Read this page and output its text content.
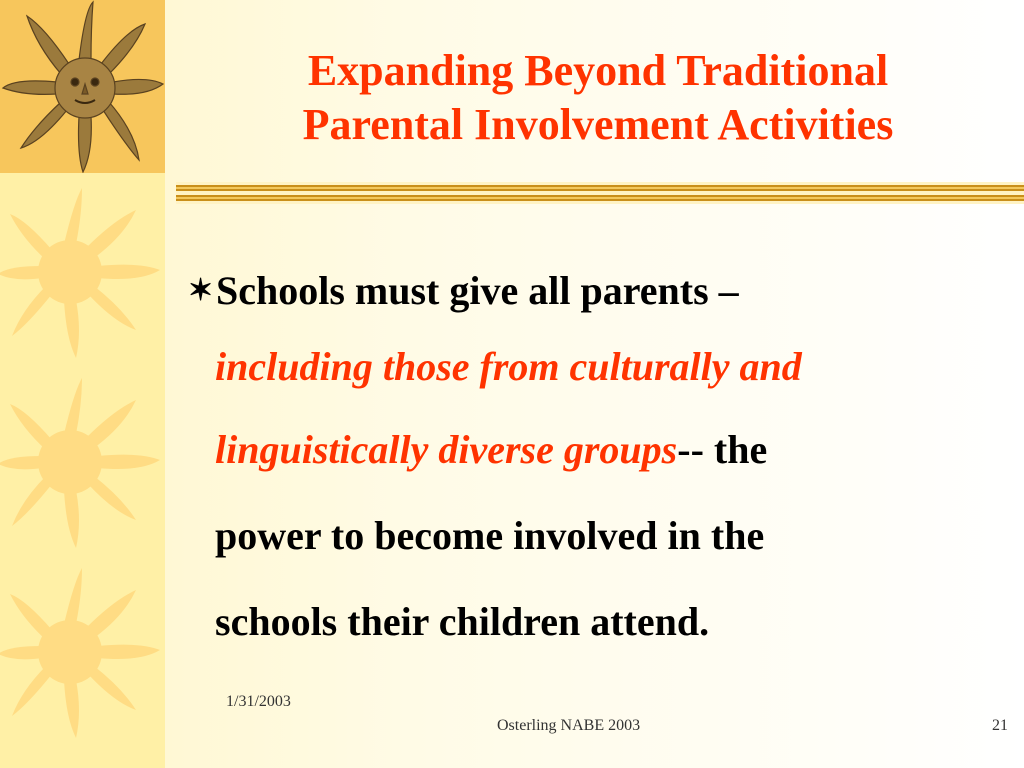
Expanding Beyond Traditional
Parental Involvement Activities
✶ Schools must give all parents –
including those from culturally and
linguistically diverse groups-- the
power to become involved in the
schools their children attend.
1/31/2003
Osterling NABE 2003	21
